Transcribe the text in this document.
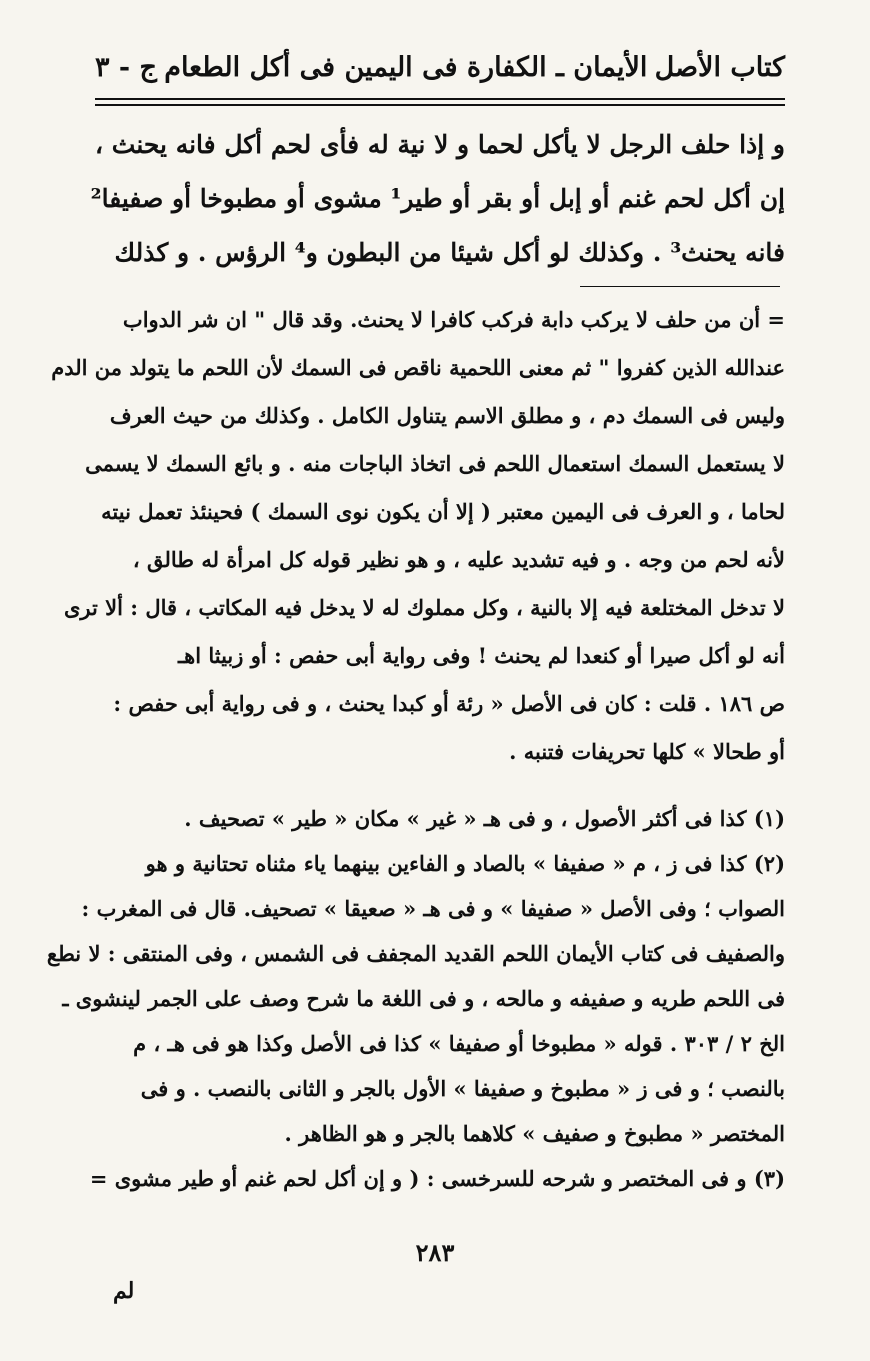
كتاب الأصل
الأيمان ـ الكفارة فى اليمين فى أكل الطعام
ج - ٣

و إذا حلف الرجل لا يأكل لحما و لا نية له فأى لحم أكل فانه يحنث ،

إن أكل لحم غنم أو إبل أو بقر أو طير¹ مشوى أو مطبوخا أو صفيفا²

فانه يحنث³ . وكذلك لو أكل شيئا من البطون و⁴ الرؤس . و كذلك

= أن من حلف لا يركب دابة فركب كافرا لا يحنث. وقد قال " ان شر الدواب

عندالله الذين كفروا " ثم معنى اللحمية ناقص فى السمك لأن اللحم ما يتولد من الدم

وليس فى السمك دم ، و مطلق الاسم يتناول الكامل . وكذلك من حيث العرف

لا يستعمل السمك استعمال اللحم فى اتخاذ الباجات منه . و بائع السمك لا يسمى

لحاما ، و العرف فى اليمين معتبر ( إلا أن يكون نوى السمك ) فحينئذ تعمل نيته

لأنه لحم من وجه . و فيه تشديد عليه ، و هو نظير قوله كل امرأة له طالق ،

لا تدخل المختلعة فيه إلا بالنية ، وكل مملوك له لا يدخل فيه المكاتب ، قال : ألا ترى

أنه لو أكل صيرا أو كنعدا لم يحنث ! وفى رواية أبى حفص : أو زبيثا اهـ

ص ١٨٦ . قلت : كان فى الأصل « رئة أو كبدا يحنث ، و فى رواية أبى حفص :

أو طحالا » كلها تحريفات فتنبه .

(١) كذا فى أكثر الأصول ، و فى هـ « غير » مكان « طير » تصحيف .

(٢) كذا فى ز ، م « صفيفا » بالصاد و الفاءين بينهما ياء مثناه تحتانية و هو

الصواب ؛ وفى الأصل « صفيفا » و فى هـ « صعيقا » تصحيف. قال فى المغرب :

والصفيف فى كتاب الأيمان اللحم القديد المجفف فى الشمس ، وفى المنتقى : لا نطع

فى اللحم طريه و صفيفه و مالحه ، و فى اللغة ما شرح وصف على الجمر لينشوى ـ

الخ ٢ / ٣٠٣ . قوله « مطبوخا أو صفيفا » كذا فى الأصل وكذا هو فى هـ ، م

بالنصب ؛ و فى ز « مطبوخ و صفيفا » الأول بالجر و الثانى بالنصب . و فى

المختصر « مطبوخ و صفيف » كلاهما بالجر و هو الظاهر .

(٣) و فى المختصر و شرحه للسرخسى : ( و إن أكل لحم غنم أو طير مشوى =

٢٨٣
لم
